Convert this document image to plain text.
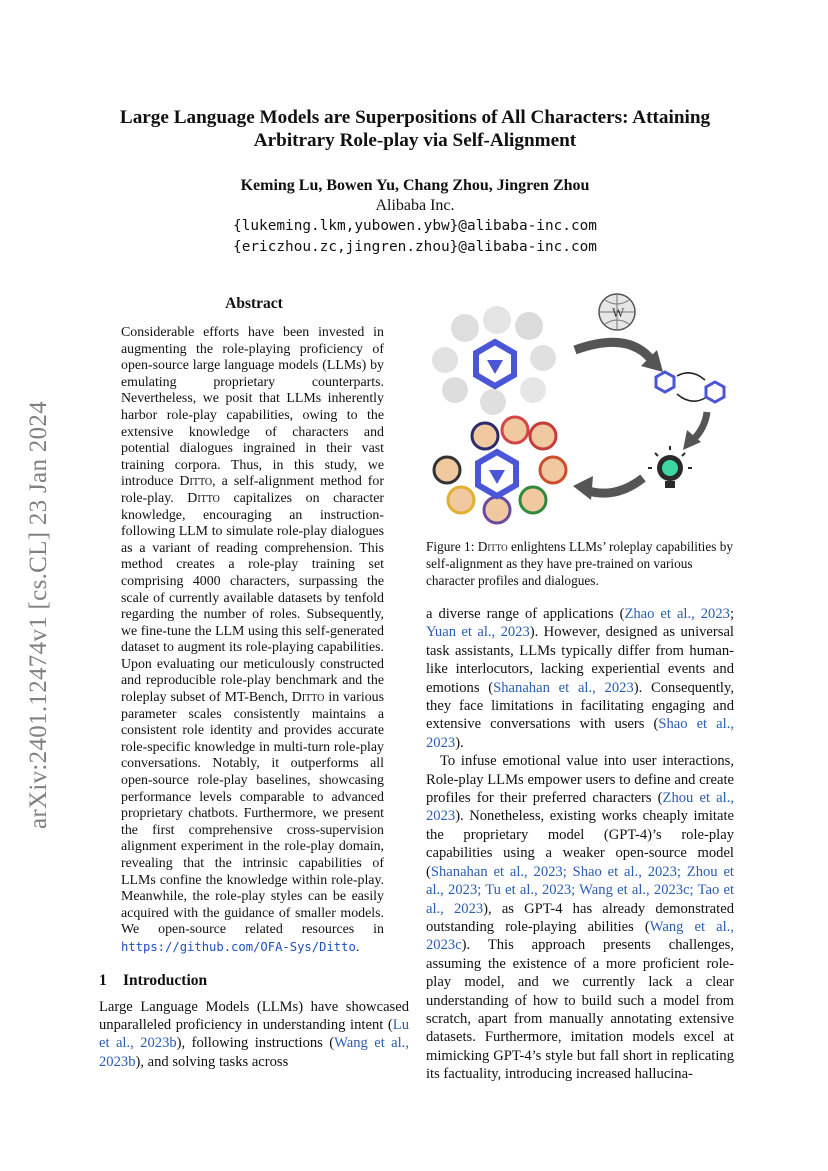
arXiv:2401.12474v1 [cs.CL] 23 Jan 2024
Large Language Models are Superpositions of All Characters: Attaining
Arbitrary Role-play via Self-Alignment
Keming Lu, Bowen Yu, Chang Zhou, Jingren Zhou
Alibaba Inc.
{lukeming.lkm,yubowen.ybw}@alibaba-inc.com
{ericzhou.zc,jingren.zhou}@alibaba-inc.com
Abstract
Considerable efforts have been invested in augmenting the role-playing proficiency of open-source large language models (LLMs) by emulating proprietary counterparts. Nevertheless, we posit that LLMs inherently harbor role-play capabilities, owing to the extensive knowledge of characters and potential dialogues ingrained in their vast training corpora. Thus, in this study, we introduce Ditto, a self-alignment method for role-play. Ditto capitalizes on character knowledge, encouraging an instruction-following LLM to simulate role-play dialogues as a variant of reading comprehension. This method creates a role-play training set comprising 4000 characters, surpassing the scale of currently available datasets by tenfold regarding the number of roles. Subsequently, we fine-tune the LLM using this self-generated dataset to augment its role-playing capabilities. Upon evaluating our meticulously constructed and reproducible role-play benchmark and the roleplay subset of MT-Bench, Ditto in various parameter scales consistently maintains a consistent role identity and provides accurate role-specific knowledge in multi-turn role-play conversations. Notably, it outperforms all open-source role-play baselines, showcasing performance levels comparable to advanced proprietary chatbots. Furthermore, we present the first comprehensive cross-supervision alignment experiment in the role-play domain, revealing that the intrinsic capabilities of LLMs confine the knowledge within role-play. Meanwhile, the role-play styles can be easily acquired with the guidance of smaller models. We open-source related resources in https://github.com/OFA-Sys/Ditto.
1 Introduction

Large Language Models (LLMs) have showcased unparalleled proficiency in understanding intent (Lu et al., 2023b), following instructions (Wang et al., 2023b), and solving tasks across

W

Figure 1: Ditto enlightens LLMs’ roleplay capabilities by self-alignment as they have pre-trained on various character profiles and dialogues.

a diverse range of applications (Zhao et al., 2023; Yuan et al., 2023). However, designed as universal task assistants, LLMs typically differ from human-like interlocutors, lacking experiential events and emotions (Shanahan et al., 2023). Consequently, they face limitations in facilitating engaging and extensive conversations with users (Shao et al., 2023).

To infuse emotional value into user interactions, Role-play LLMs empower users to define and create profiles for their preferred characters (Zhou et al., 2023). Nonetheless, existing works cheaply imitate the proprietary model (GPT-4)’s role-play capabilities using a weaker open-source model (Shanahan et al., 2023; Shao et al., 2023; Zhou et al., 2023; Tu et al., 2023; Wang et al., 2023c; Tao et al., 2023), as GPT-4 has already demonstrated outstanding role-playing abilities (Wang et al., 2023c). This approach presents challenges, assuming the existence of a more proficient role-play model, and we currently lack a clear understanding of how to build such a model from scratch, apart from manually annotating extensive datasets. Furthermore, imitation models excel at mimicking GPT-4’s style but fall short in replicating its factuality, introducing increased hallucina-
